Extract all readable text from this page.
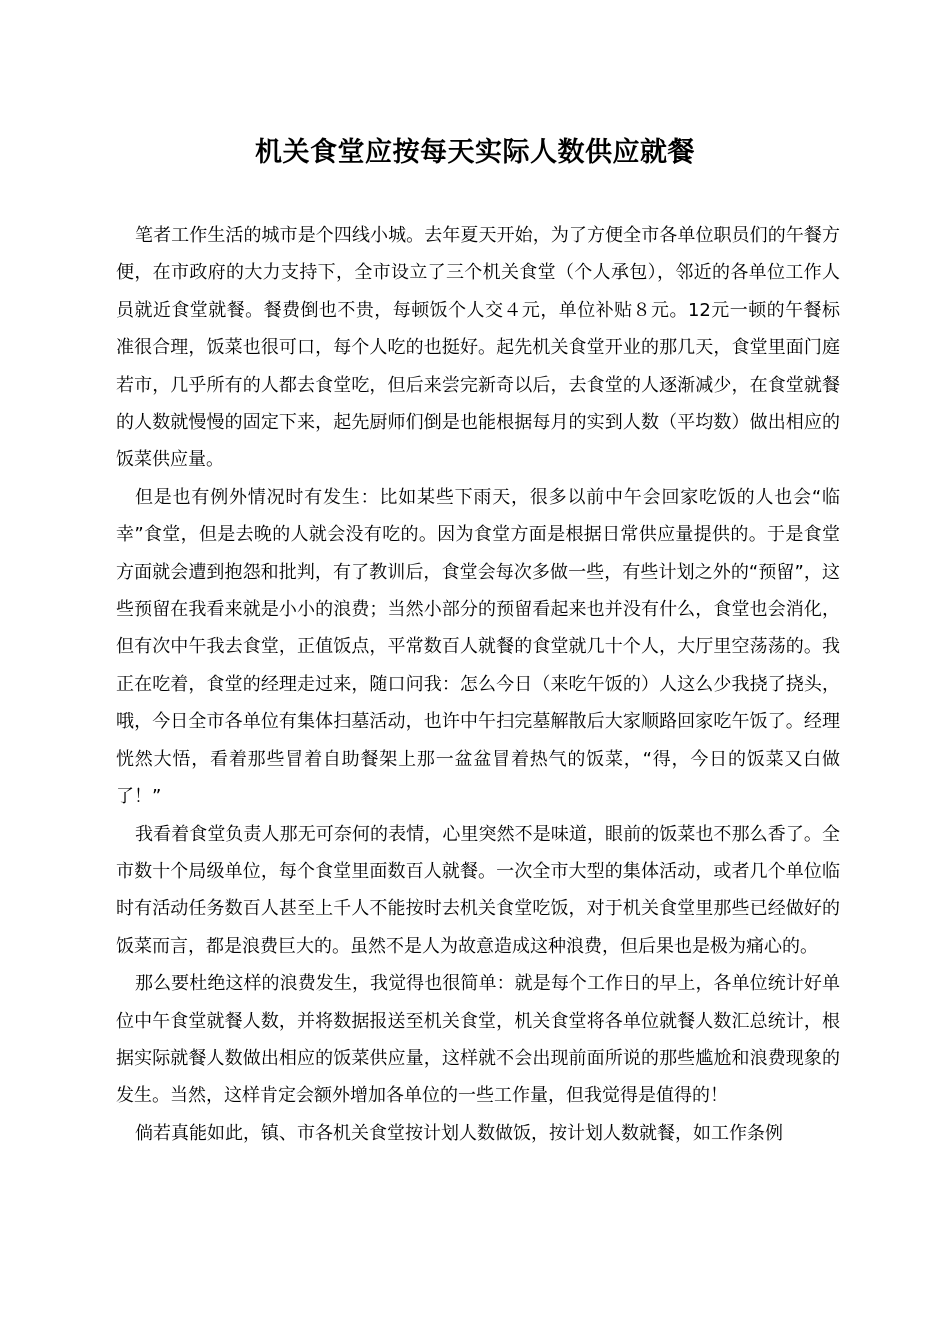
机关食堂应按每天实际人数供应就餐

笔者工作生活的城市是个四线小城。去年夏天开始，为了方便全市各单位职员们的午餐方便，在市政府的大力支持下，全市设立了三个机关食堂（个人承包），邻近的各单位工作人员就近食堂就餐。餐费倒也不贵，每顿饭个人交４元，单位补贴８元。12元一顿的午餐标准很合理，饭菜也很可口，每个人吃的也挺好。起先机关食堂开业的那几天，食堂里面门庭若市，几乎所有的人都去食堂吃，但后来尝完新奇以后，去食堂的人逐渐减少，在食堂就餐的人数就慢慢的固定下来，起先厨师们倒是也能根据每月的实到人数（平均数）做出相应的饭菜供应量。

但是也有例外情况时有发生：比如某些下雨天，很多以前中午会回家吃饭的人也会“临幸”食堂，但是去晚的人就会没有吃的。因为食堂方面是根据日常供应量提供的。于是食堂方面就会遭到抱怨和批判，有了教训后，食堂会每次多做一些，有些计划之外的“预留”，这些预留在我看来就是小小的浪费；当然小部分的预留看起来也并没有什么，食堂也会消化，但有次中午我去食堂，正值饭点，平常数百人就餐的食堂就几十个人，大厅里空荡荡的。我正在吃着，食堂的经理走过来，随口问我：怎么今日（来吃午饭的）人这么少我挠了挠头，哦，今日全市各单位有集体扫墓活动，也许中午扫完墓解散后大家顺路回家吃午饭了。经理恍然大悟，看着那些冒着自助餐架上那一盆盆冒着热气的饭菜，“得，今日的饭菜又白做了！”

我看着食堂负责人那无可奈何的表情，心里突然不是味道，眼前的饭菜也不那么香了。全市数十个局级单位，每个食堂里面数百人就餐。一次全市大型的集体活动，或者几个单位临时有活动任务数百人甚至上千人不能按时去机关食堂吃饭，对于机关食堂里那些已经做好的饭菜而言，都是浪费巨大的。虽然不是人为故意造成这种浪费，但后果也是极为痛心的。

那么要杜绝这样的浪费发生，我觉得也很简单：就是每个工作日的早上，各单位统计好单位中午食堂就餐人数，并将数据报送至机关食堂，机关食堂将各单位就餐人数汇总统计，根据实际就餐人数做出相应的饭菜供应量，这样就不会出现前面所说的那些尴尬和浪费现象的发生。当然，这样肯定会额外增加各单位的一些工作量，但我觉得是值得的！

倘若真能如此，镇、市各机关食堂按计划人数做饭，按计划人数就餐，如工作条例
